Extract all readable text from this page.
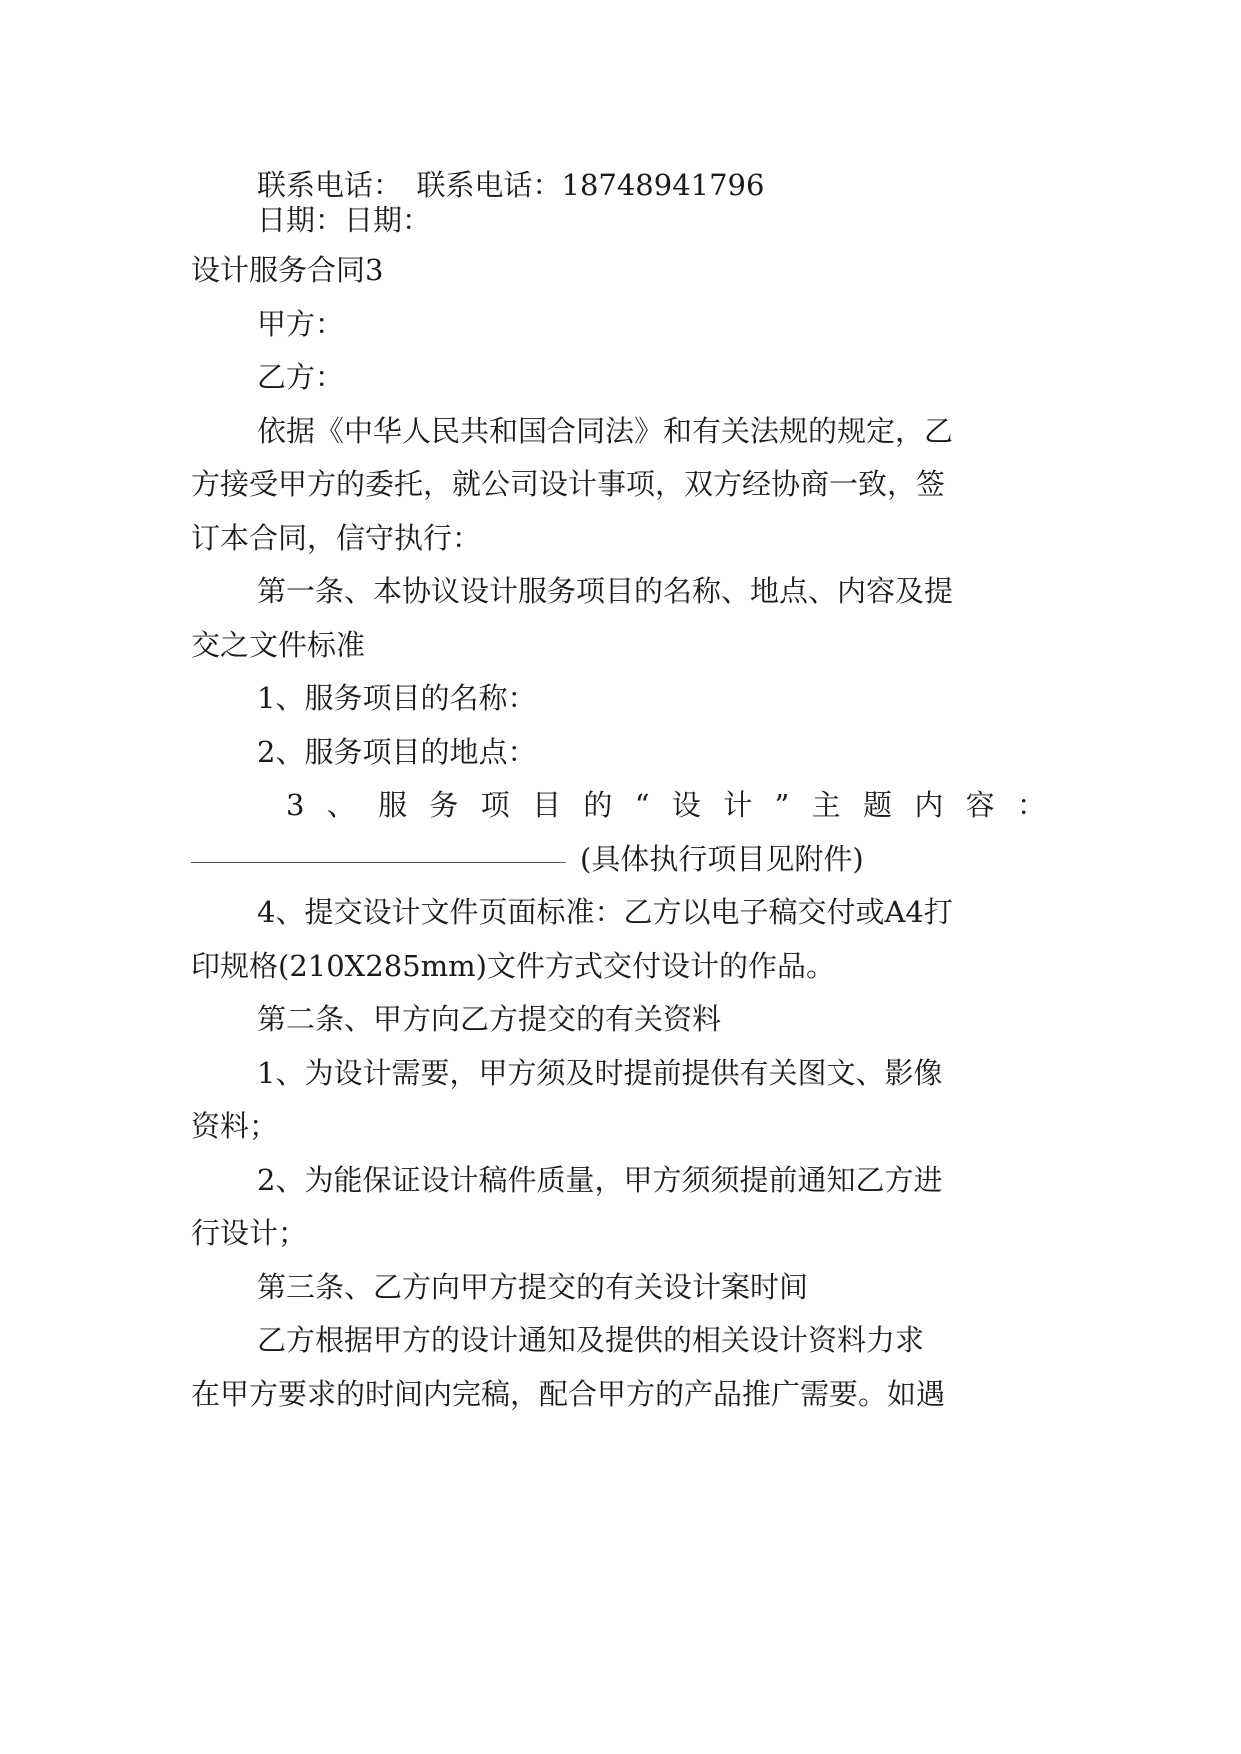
联系电话：　联系电话：18748941796
日期：日期：
设计服务合同3
甲方：
乙方：
依据《中华人民共和国合同法》和有关法规的规定，乙
方接受甲方的委托，就公司设计事项，双方经协商一致，签
订本合同，信守执行：
第一条、本协议设计服务项目的名称、地点、内容及提
交之文件标准
1、服务项目的名称：
2、服务项目的地点：
3 、 服 务 项 目 的 “ 设 计 ” 主 题 内 容 ：
(具体执行项目见附件)
4、提交设计文件页面标准：乙方以电子稿交付或A4打
印规格(210X285mm)文件方式交付设计的作品。
第二条、甲方向乙方提交的有关资料
1、为设计需要，甲方须及时提前提供有关图文、影像
资料；
2、为能保证设计稿件质量，甲方须须提前通知乙方进
行设计；
第三条、乙方向甲方提交的有关设计案时间
乙方根据甲方的设计通知及提供的相关设计资料力求
在甲方要求的时间内完稿，配合甲方的产品推广需要。如遇
